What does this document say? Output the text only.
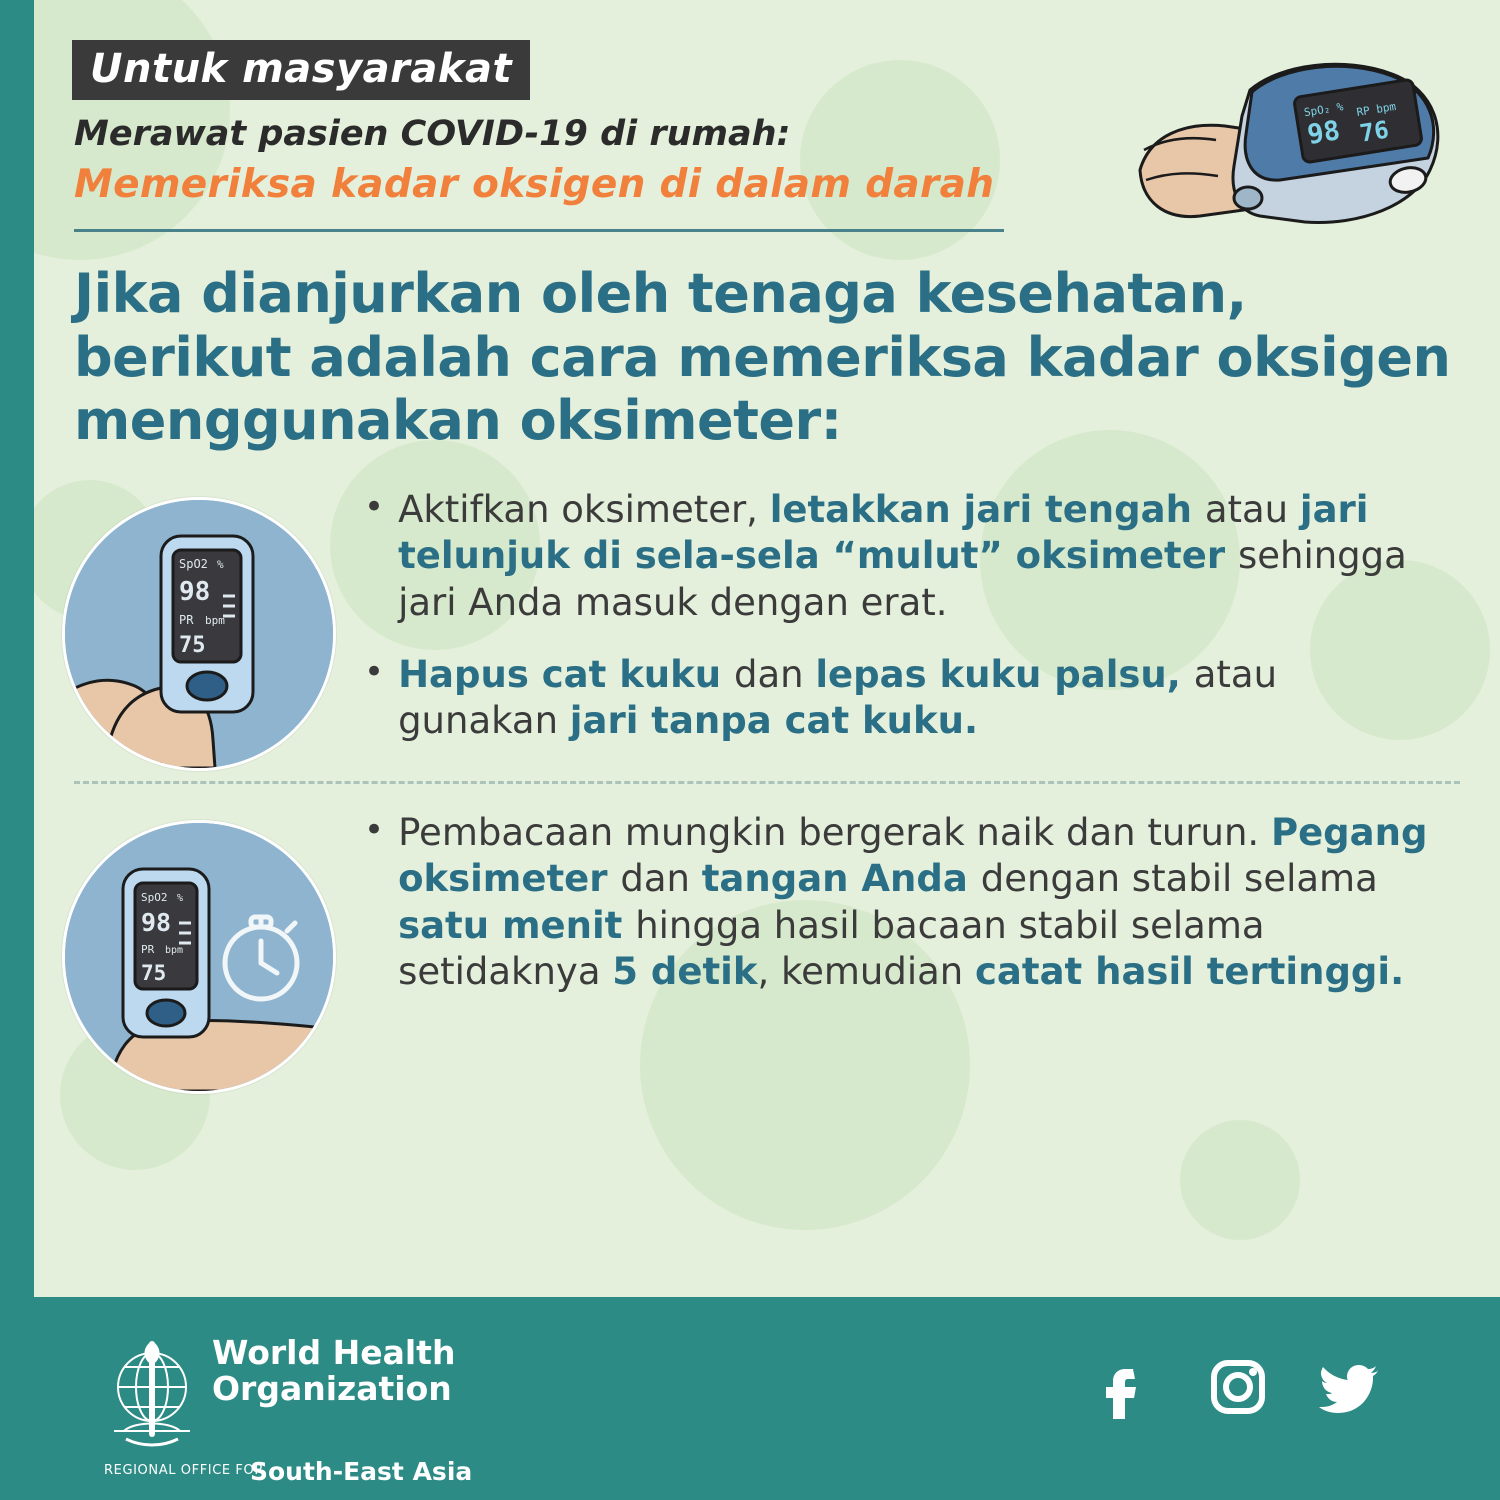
Untuk masyarakat
Merawat pasien COVID-19 di rumah:
Memeriksa kadar oksigen di dalam darah
Jika dianjurkan oleh tenaga kesehatan, berikut adalah cara memeriksa kadar oksigen menggunakan oksimeter:
SpO₂ %
98
RP bpm
76
SpO2 %
98
PR bpm
75
• Aktifkan oksimeter, letakkan jari tengah atau jari telunjuk di sela-sela “mulut” oksimeter sehingga jari Anda masuk dengan erat.
• Hapus cat kuku dan lepas kuku palsu, atau gunakan jari tanpa cat kuku.
SpO2 %
98
PR bpm
75
• Pembacaan mungkin bergerak naik dan turun. Pegang oksimeter dan tangan Anda dengan stabil selama satu menit hingga hasil bacaan stabil selama setidaknya 5 detik, kemudian catat hasil tertinggi.
World Health
Organization
REGIONAL OFFICE FOR
South-East Asia
